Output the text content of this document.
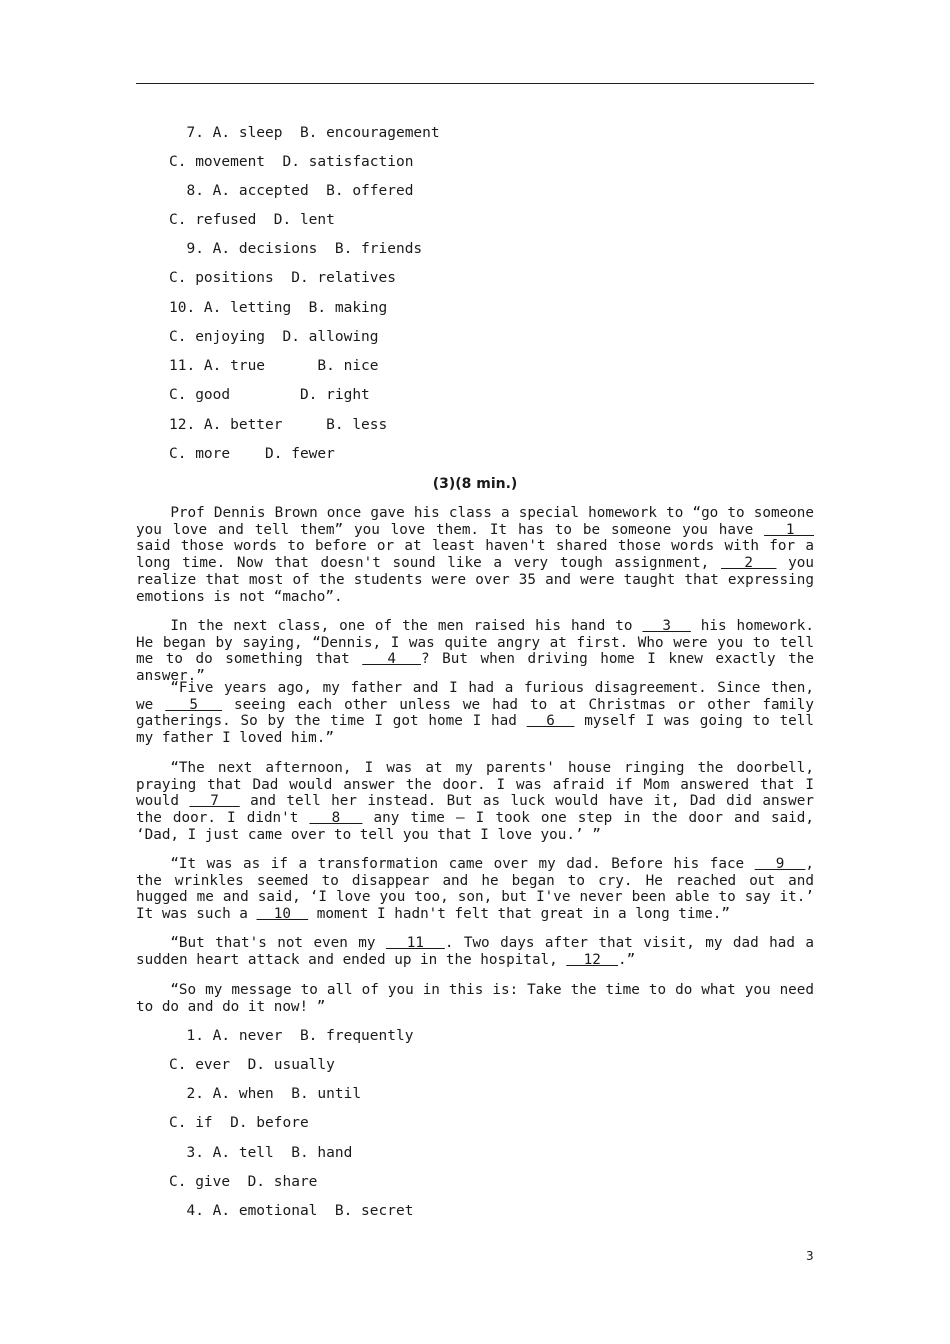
7. A. sleep  B. encouragement
C. movement  D. satisfaction
8. A. accepted  B. offered
C. refused  D. lent
9. A. decisions  B. friends
C. positions  D. relatives
10. A. letting  B. making
C. enjoying  D. allowing
11. A. true      B. nice
C. good        D. right
12. A. better     B. less
C. more    D. fewer
(3)(8 min.)

Prof Dennis Brown once gave his class a special homework to “go to someone you love and tell them” you love them. It has to be someone you have   1   said those words to before or at least haven't shared those words with for a long time. Now that doesn't sound like a very tough assignment,   2   you realize that most of the students were over 35 and were taught that expressing emotions is not “macho”.

In the next class, one of the men raised his hand to   3   his homework. He began by saying, “Dennis, I was quite angry at first. Who were you to tell me to do something that   4  ? But when driving home I knew exactly the answer.”

“Five years ago, my father and I had a furious disagreement. Since then, we   5   seeing each other unless we had to at Christmas or other family gatherings. So by the time I got home I had   6   myself I was going to tell my father I loved him.”

“The next afternoon, I was at my parents' house ringing the doorbell, praying that Dad would answer the door. I was afraid if Mom answered that I would   7   and tell her instead. But as luck would have it, Dad did answer the door. I didn't   8   any time — I took one step in the door and said, ‘Dad, I just came over to tell you that I love you.’ ”

“It was as if a transformation came over my dad. Before his face   9  , the wrinkles seemed to disappear and he began to cry. He reached out and hugged me and said, ‘I love you too, son, but I've never been able to say it.’ It was such a   10   moment I hadn't felt that great in a long time.”

“But that's not even my   11  . Two days after that visit, my dad had a sudden heart attack and ended up in the hospital,   12  .”

“So my message to all of you in this is: Take the time to do what you need to do and do it now! ”

1. A. never  B. frequently
C. ever  D. usually
2. A. when  B. until
C. if  D. before
3. A. tell  B. hand
C. give  D. share
4. A. emotional  B. secret
3
